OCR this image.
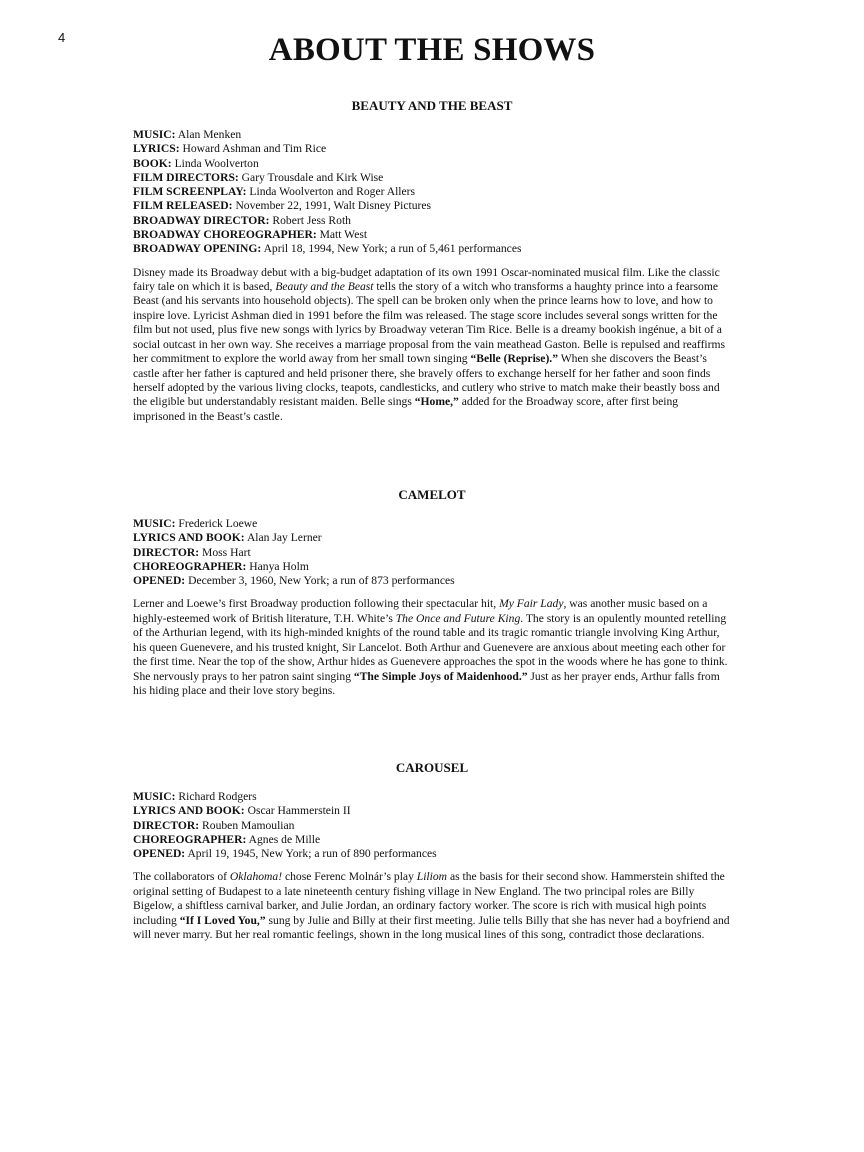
4	ABOUT THE SHOWS
BEAUTY AND THE BEAST
MUSIC: Alan Menken
LYRICS: Howard Ashman and Tim Rice
BOOK: Linda Woolverton
FILM DIRECTORS: Gary Trousdale and Kirk Wise
FILM SCREENPLAY: Linda Woolverton and Roger Allers
FILM RELEASED: November 22, 1991, Walt Disney Pictures
BROADWAY DIRECTOR: Robert Jess Roth
BROADWAY CHOREOGRAPHER: Matt West
BROADWAY OPENING: April 18, 1994, New York; a run of 5,461 performances

Disney made its Broadway debut with a big-budget adaptation of its own 1991 Oscar-nominated musical film. Like the classic fairy tale on which it is based, Beauty and the Beast tells the story of a witch who transforms a haughty prince into a fearsome Beast (and his servants into household objects). The spell can be broken only when the prince learns how to love, and how to inspire love. Lyricist Ashman died in 1991 before the film was released. The stage score includes several songs written for the film but not used, plus five new songs with lyrics by Broadway veteran Tim Rice. Belle is a dreamy bookish ingénue, a bit of a social outcast in her own way. She receives a marriage proposal from the vain meathead Gaston. Belle is repulsed and reaffirms her commitment to explore the world away from her small town singing “Belle (Reprise).” When she discovers the Beast’s castle after her father is captured and held prisoner there, she bravely offers to exchange herself for her father and soon finds herself adopted by the various living clocks, teapots, candlesticks, and cutlery who strive to match make their beastly boss and the eligible but understandably resistant maiden. Belle sings “Home,” added for the Broadway score, after first being imprisoned in the Beast’s castle.

CAMELOT
MUSIC: Frederick Loewe
LYRICS AND BOOK: Alan Jay Lerner
DIRECTOR: Moss Hart
CHOREOGRAPHER: Hanya Holm
OPENED: December 3, 1960, New York; a run of 873 performances

Lerner and Loewe’s first Broadway production following their spectacular hit, My Fair Lady, was another music based on a highly-esteemed work of British literature, T.H. White’s The Once and Future King. The story is an opulently mounted retelling of the Arthurian legend, with its high-minded knights of the round table and its tragic romantic triangle involving King Arthur, his queen Guenevere, and his trusted knight, Sir Lancelot. Both Arthur and Guenevere are anxious about meeting each other for the first time. Near the top of the show, Arthur hides as Guenevere approaches the spot in the woods where he has gone to think. She nervously prays to her patron saint singing “The Simple Joys of Maidenhood.” Just as her prayer ends, Arthur falls from his hiding place and their love story begins.

CAROUSEL
MUSIC: Richard Rodgers
LYRICS AND BOOK: Oscar Hammerstein II
DIRECTOR: Rouben Mamoulian
CHOREOGRAPHER: Agnes de Mille
OPENED: April 19, 1945, New York; a run of 890 performances

The collaborators of Oklahoma! chose Ferenc Molnár’s play Liliom as the basis for their second show. Hammerstein shifted the original setting of Budapest to a late nineteenth century fishing village in New England. The two principal roles are Billy Bigelow, a shiftless carnival barker, and Julie Jordan, an ordinary factory worker. The score is rich with musical high points including “If I Loved You,” sung by Julie and Billy at their first meeting. Julie tells Billy that she has never had a boyfriend and will never marry. But her real romantic feelings, shown in the long musical lines of this song, contradict those declarations.
